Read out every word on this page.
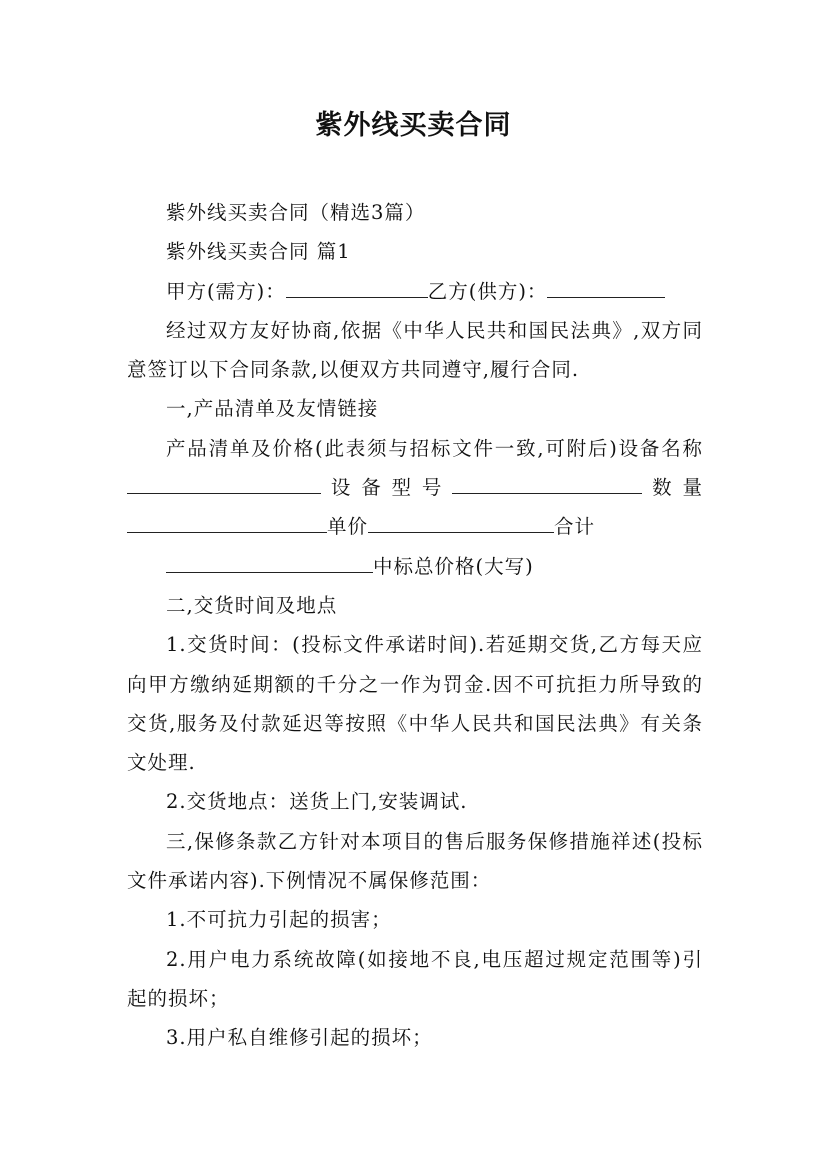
紫外线买卖合同

紫外线买卖合同（精选3篇）

紫外线买卖合同 篇1

甲方(需方)：	乙方(供方)：

经过双方友好协商,依据《中华人民共和国民法典》,双方同意签订以下合同条款,以便双方共同遵守,履行合同.

一,产品清单及友情链接

产品清单及价格(此表须与招标文件一致,可附后)设备名称设备型号	数量单价	合计

中标总价格(大写)

二,交货时间及地点

1.交货时间：(投标文件承诺时间).若延期交货,乙方每天应向甲方缴纳延期额的千分之一作为罚金.因不可抗拒力所导致的交货,服务及付款延迟等按照《中华人民共和国民法典》有关条文处理.

2.交货地点：送货上门,安装调试.

三,保修条款乙方针对本项目的售后服务保修措施祥述(投标文件承诺内容).下例情况不属保修范围：

1.不可抗力引起的损害；

2.用户电力系统故障(如接地不良,电压超过规定范围等)引起的损坏；

3.用户私自维修引起的损坏；
